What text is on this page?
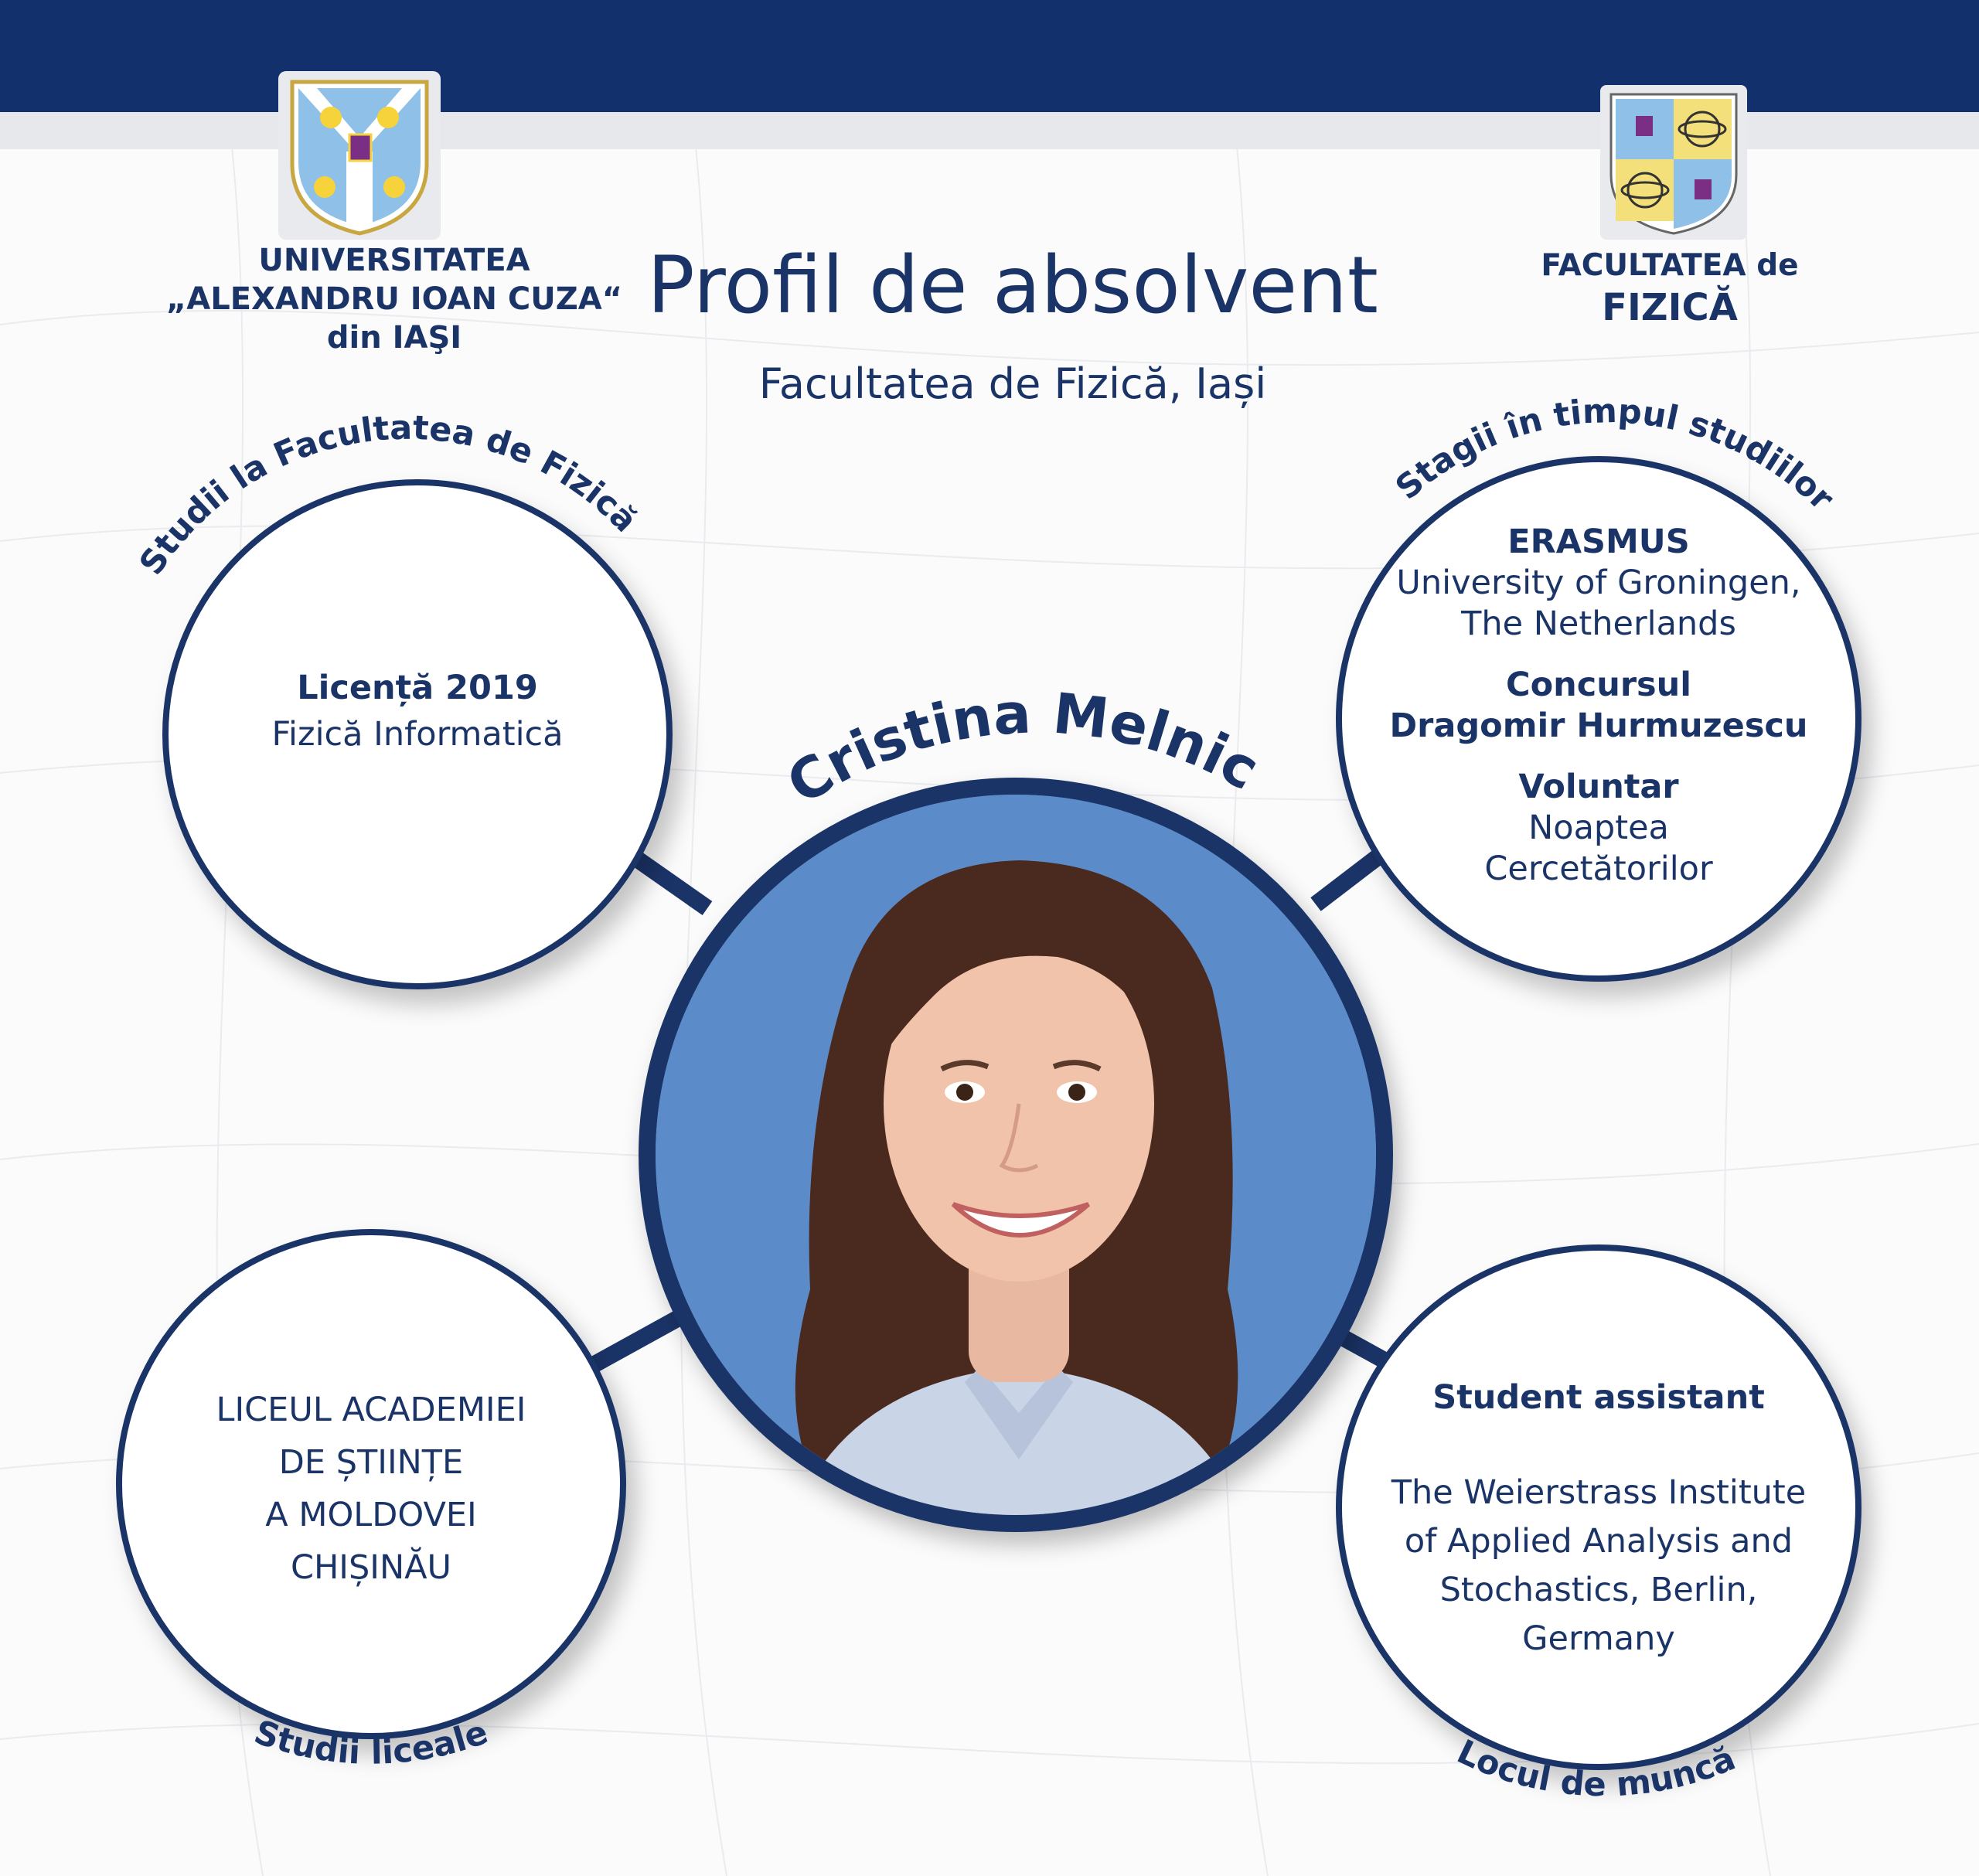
UNIVERSITATEA
„ALEXANDRU IOAN CUZA“
din IAŞI
FACULTATEA de
FIZICĂ
Profil de absolvent
Facultatea de Fizică, Iași
Licență 2019
Fizică Informatică
ERASMUS
University of Groningen,
The Netherlands
Concursul
Dragomir Hurmuzescu
Voluntar
Noaptea
Cercetătorilor
LICEUL ACADEMIEI
DE ȘTIINȚE
A MOLDOVEI
CHIȘINĂU
Student assistant
The Weierstrass Institute
of Applied Analysis and
Stochastics, Berlin,
Germany
Studii la Facultatea de Fizică
Stagii în timpul studiilor
Cristina Melnic
Studii liceale	Locul de muncă
